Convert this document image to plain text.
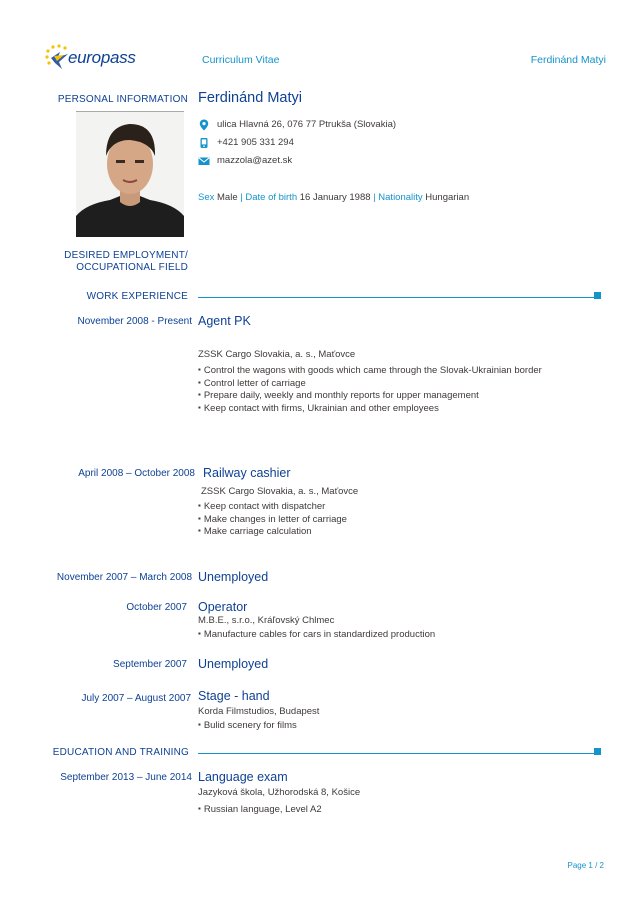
europass	Curriculum Vitae	Ferdinánd Matyi
PERSONAL INFORMATION Ferdinánd Matyi
ulica Hlavná 26, 076 77 Ptrukša (Slovakia)
+421 905 331 294
mazzola@azet.sk
Sex Male | Date of birth 16 January 1988 | Nationality Hungarian
DESIRED EMPLOYMENT/
OCCUPATIONAL FIELD
WORK EXPERIENCE
November 2008 - Present Agent PK
ZSSK Cargo Slovakia, a. s., Maťovce
▪ Control the wagons with goods which came through the Slovak-Ukrainian border
▪ Control letter of carriage
▪ Prepare daily, weekly and monthly reports for upper management
▪ Keep contact with firms, Ukrainian and other employees
April 2008 – October 2008 Railway cashier
ZSSK Cargo Slovakia, a. s., Maťovce
▪ Keep contact with dispatcher
▪ Make changes in letter of carriage
▪ Make carriage calculation
November 2007 – March 2008 Unemployed
October 2007 Operator
M.B.E., s.r.o., Kráľovský Chlmec
▪ Manufacture cables for cars in standardized production
September 2007 Unemployed
July 2007 – August 2007 Stage - hand
Korda Filmstudios, Budapest
▪ Bulid scenery for films
EDUCATION AND TRAINING
September 2013 – June 2014 Language exam
Jazyková škola, Užhorodská 8, Košice
▪ Russian language, Level A2
Page 1 / 2
